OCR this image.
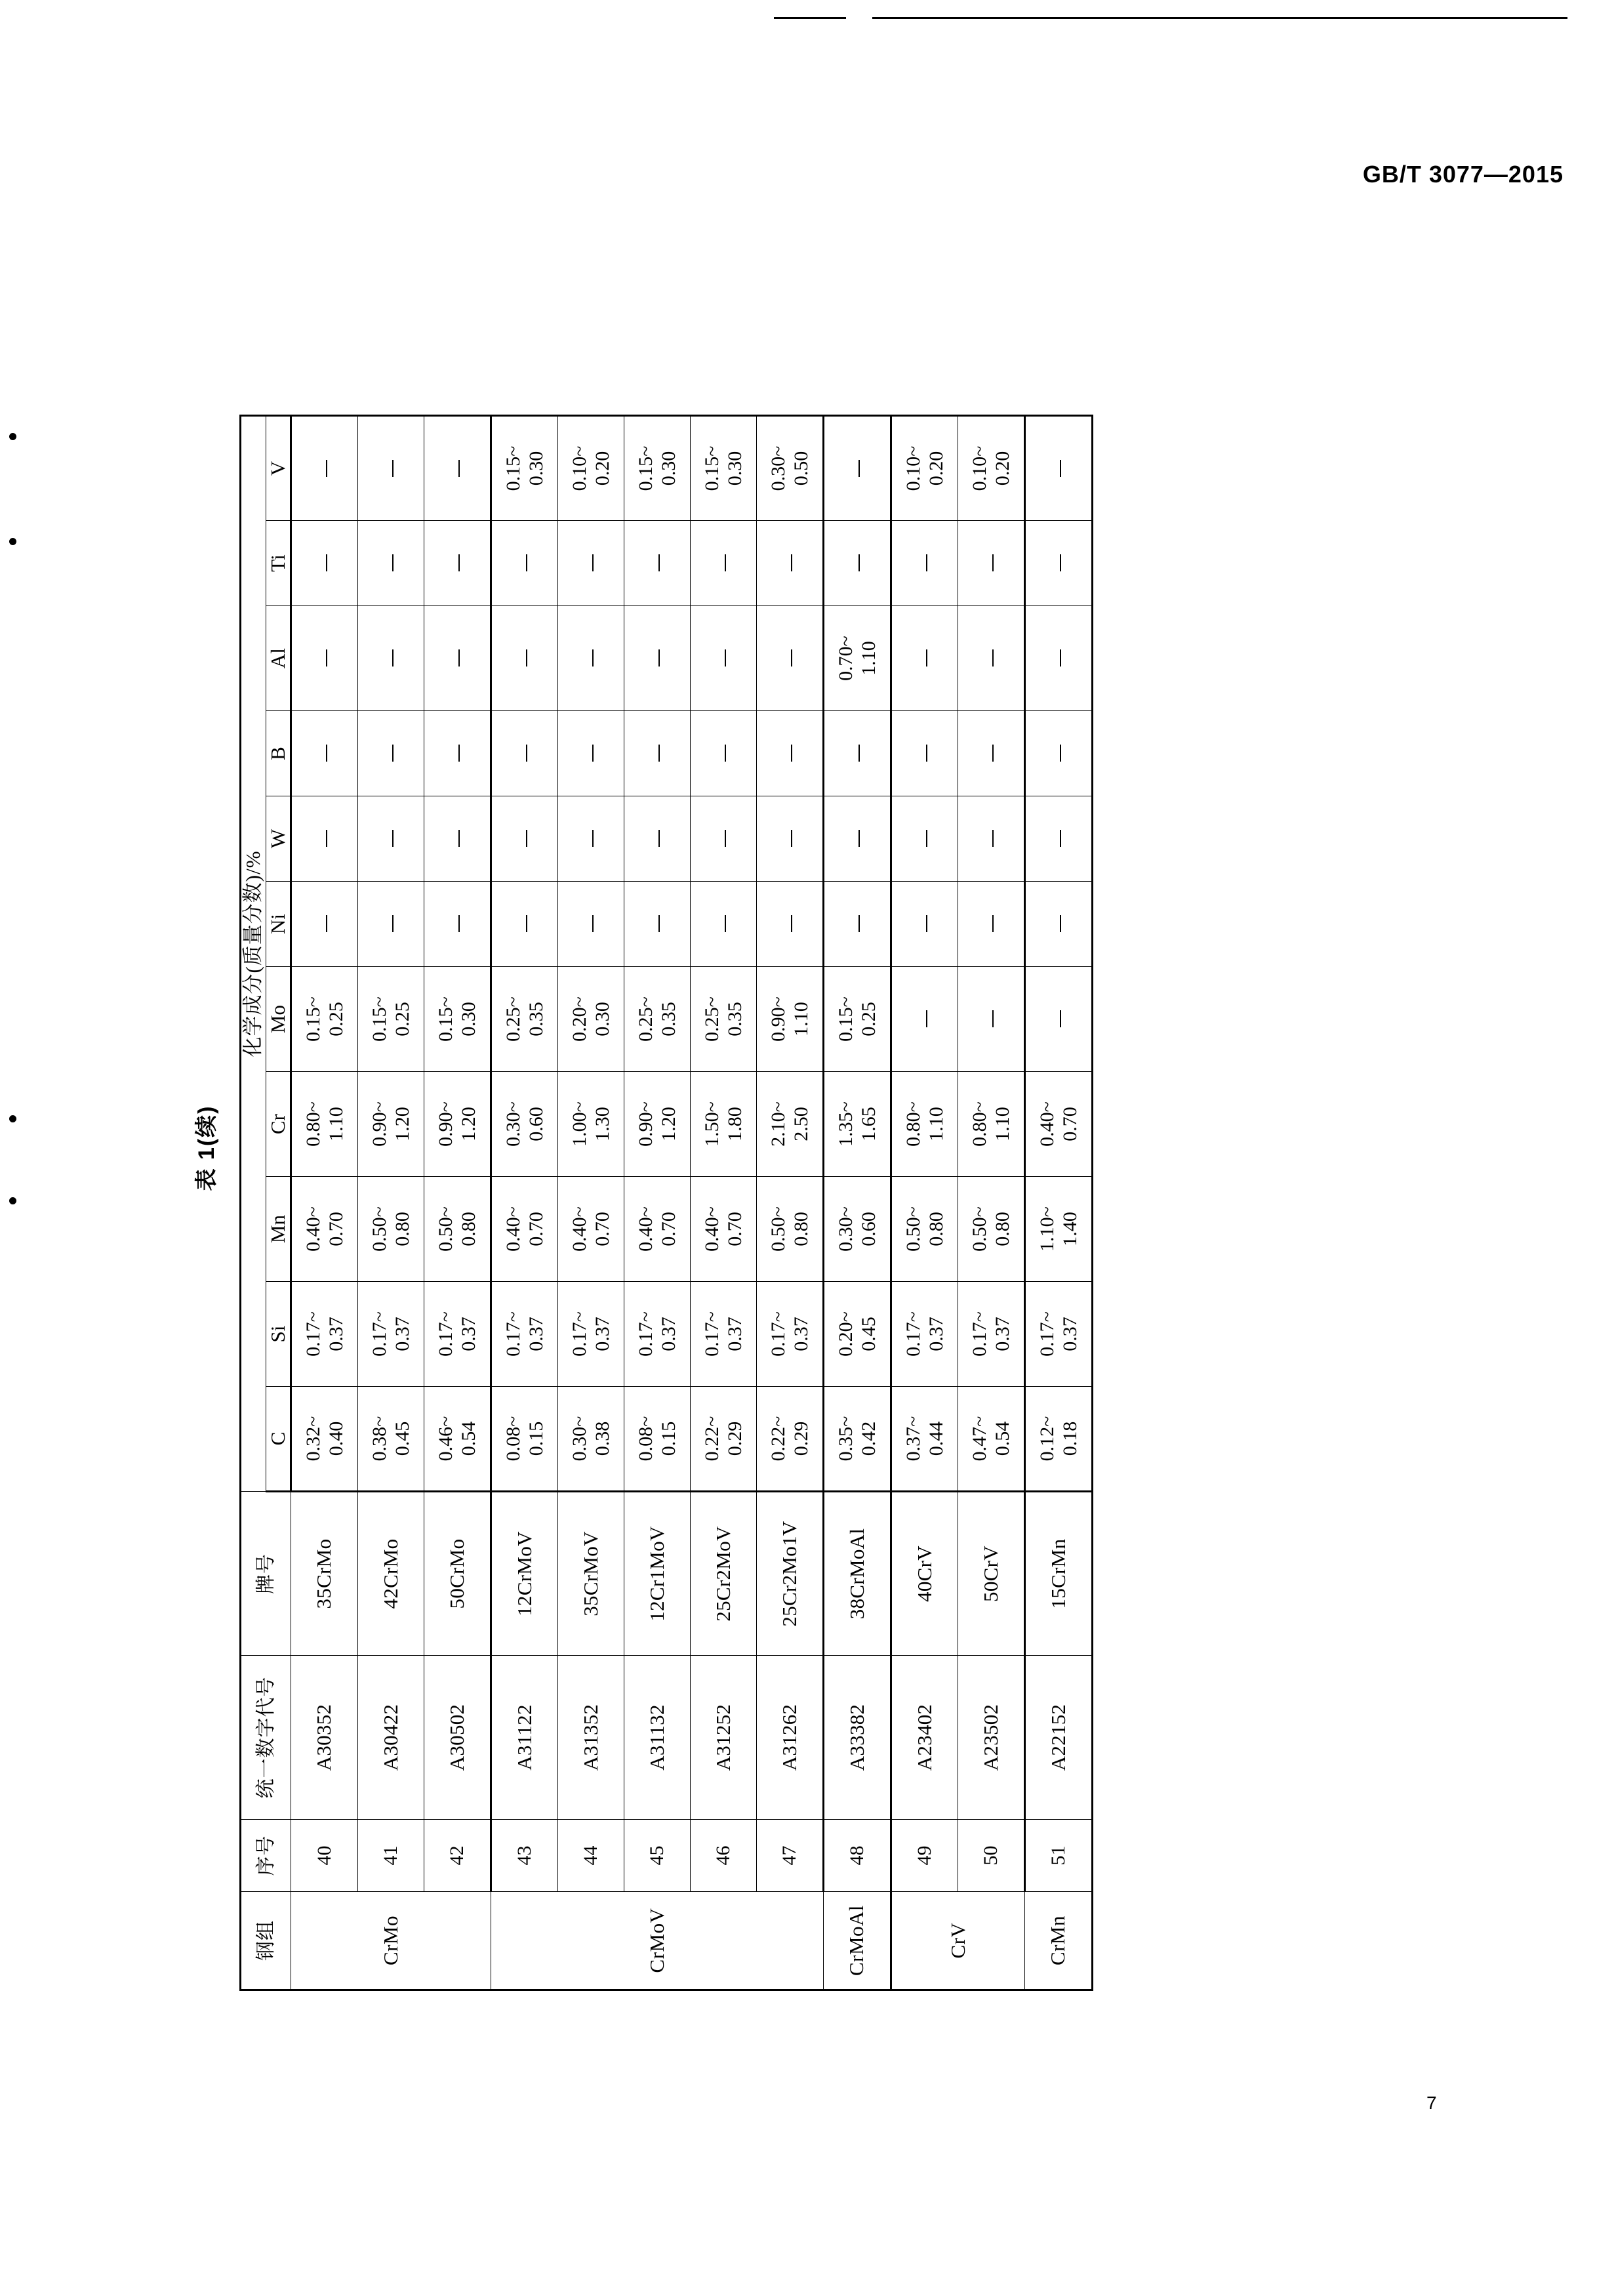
GB/T 3077—2015
表 1(续)
钢组	序号	统一数字代号	牌号	化学成分(质量分数)/%										
				C	Si	Mn	Cr	Mo	Ni	W	B	Al	Ti	V
CrMo	40	A30352	35CrMo	0.32~ 0.40	0.17~ 0.37	0.40~ 0.70	0.80~ 1.10	0.15~ 0.25						

	41	A30422	42CrMo	0.38~ 0.45	0.17~ 0.37	0.50~ 0.80	0.90~ 1.20	0.15~ 0.25						

	42	A30502	50CrMo	0.46~ 0.54	0.17~ 0.37	0.50~ 0.80	0.90~ 1.20	0.15~ 0.30						

CrMoV	43	A31122	12CrMoV	0.08~ 0.15	0.17~ 0.37	0.40~ 0.70	0.30~ 0.60	0.25~ 0.35						0.15~ 0.30

	44	A31352	35CrMoV	0.30~ 0.38	0.17~ 0.37	0.40~ 0.70	1.00~ 1.30	0.20~ 0.30						0.10~ 0.20

	45	A31132	12Cr1MoV	0.08~ 0.15	0.17~ 0.37	0.40~ 0.70	0.90~ 1.20	0.25~ 0.35						0.15~ 0.30

	46	A31252	25Cr2MoV	0.22~ 0.29	0.17~ 0.37	0.40~ 0.70	1.50~ 1.80	0.25~ 0.35						0.15~ 0.30

	47	A31262	25Cr2Mo1V	0.22~ 0.29	0.17~ 0.37	0.50~ 0.80	2.10~ 2.50	0.90~ 1.10						0.30~ 0.50

CrMoAl	48	A33382	38CrMoAl	0.35~ 0.42	0.20~ 0.45	0.30~ 0.60	1.35~ 1.65	0.15~ 0.25				0.70~ 1.10		

CrV	49	A23402	40CrV	0.37~ 0.44	0.17~ 0.37	0.50~ 0.80	0.80~ 1.10							0.10~ 0.20

	50	A23502	50CrV	0.47~ 0.54	0.17~ 0.37	0.50~ 0.80	0.80~ 1.10							0.10~ 0.20

CrMn	51	A22152	15CrMn	0.12~ 0.18	0.17~ 0.37	1.10~ 1.40	0.40~ 0.70							

7
